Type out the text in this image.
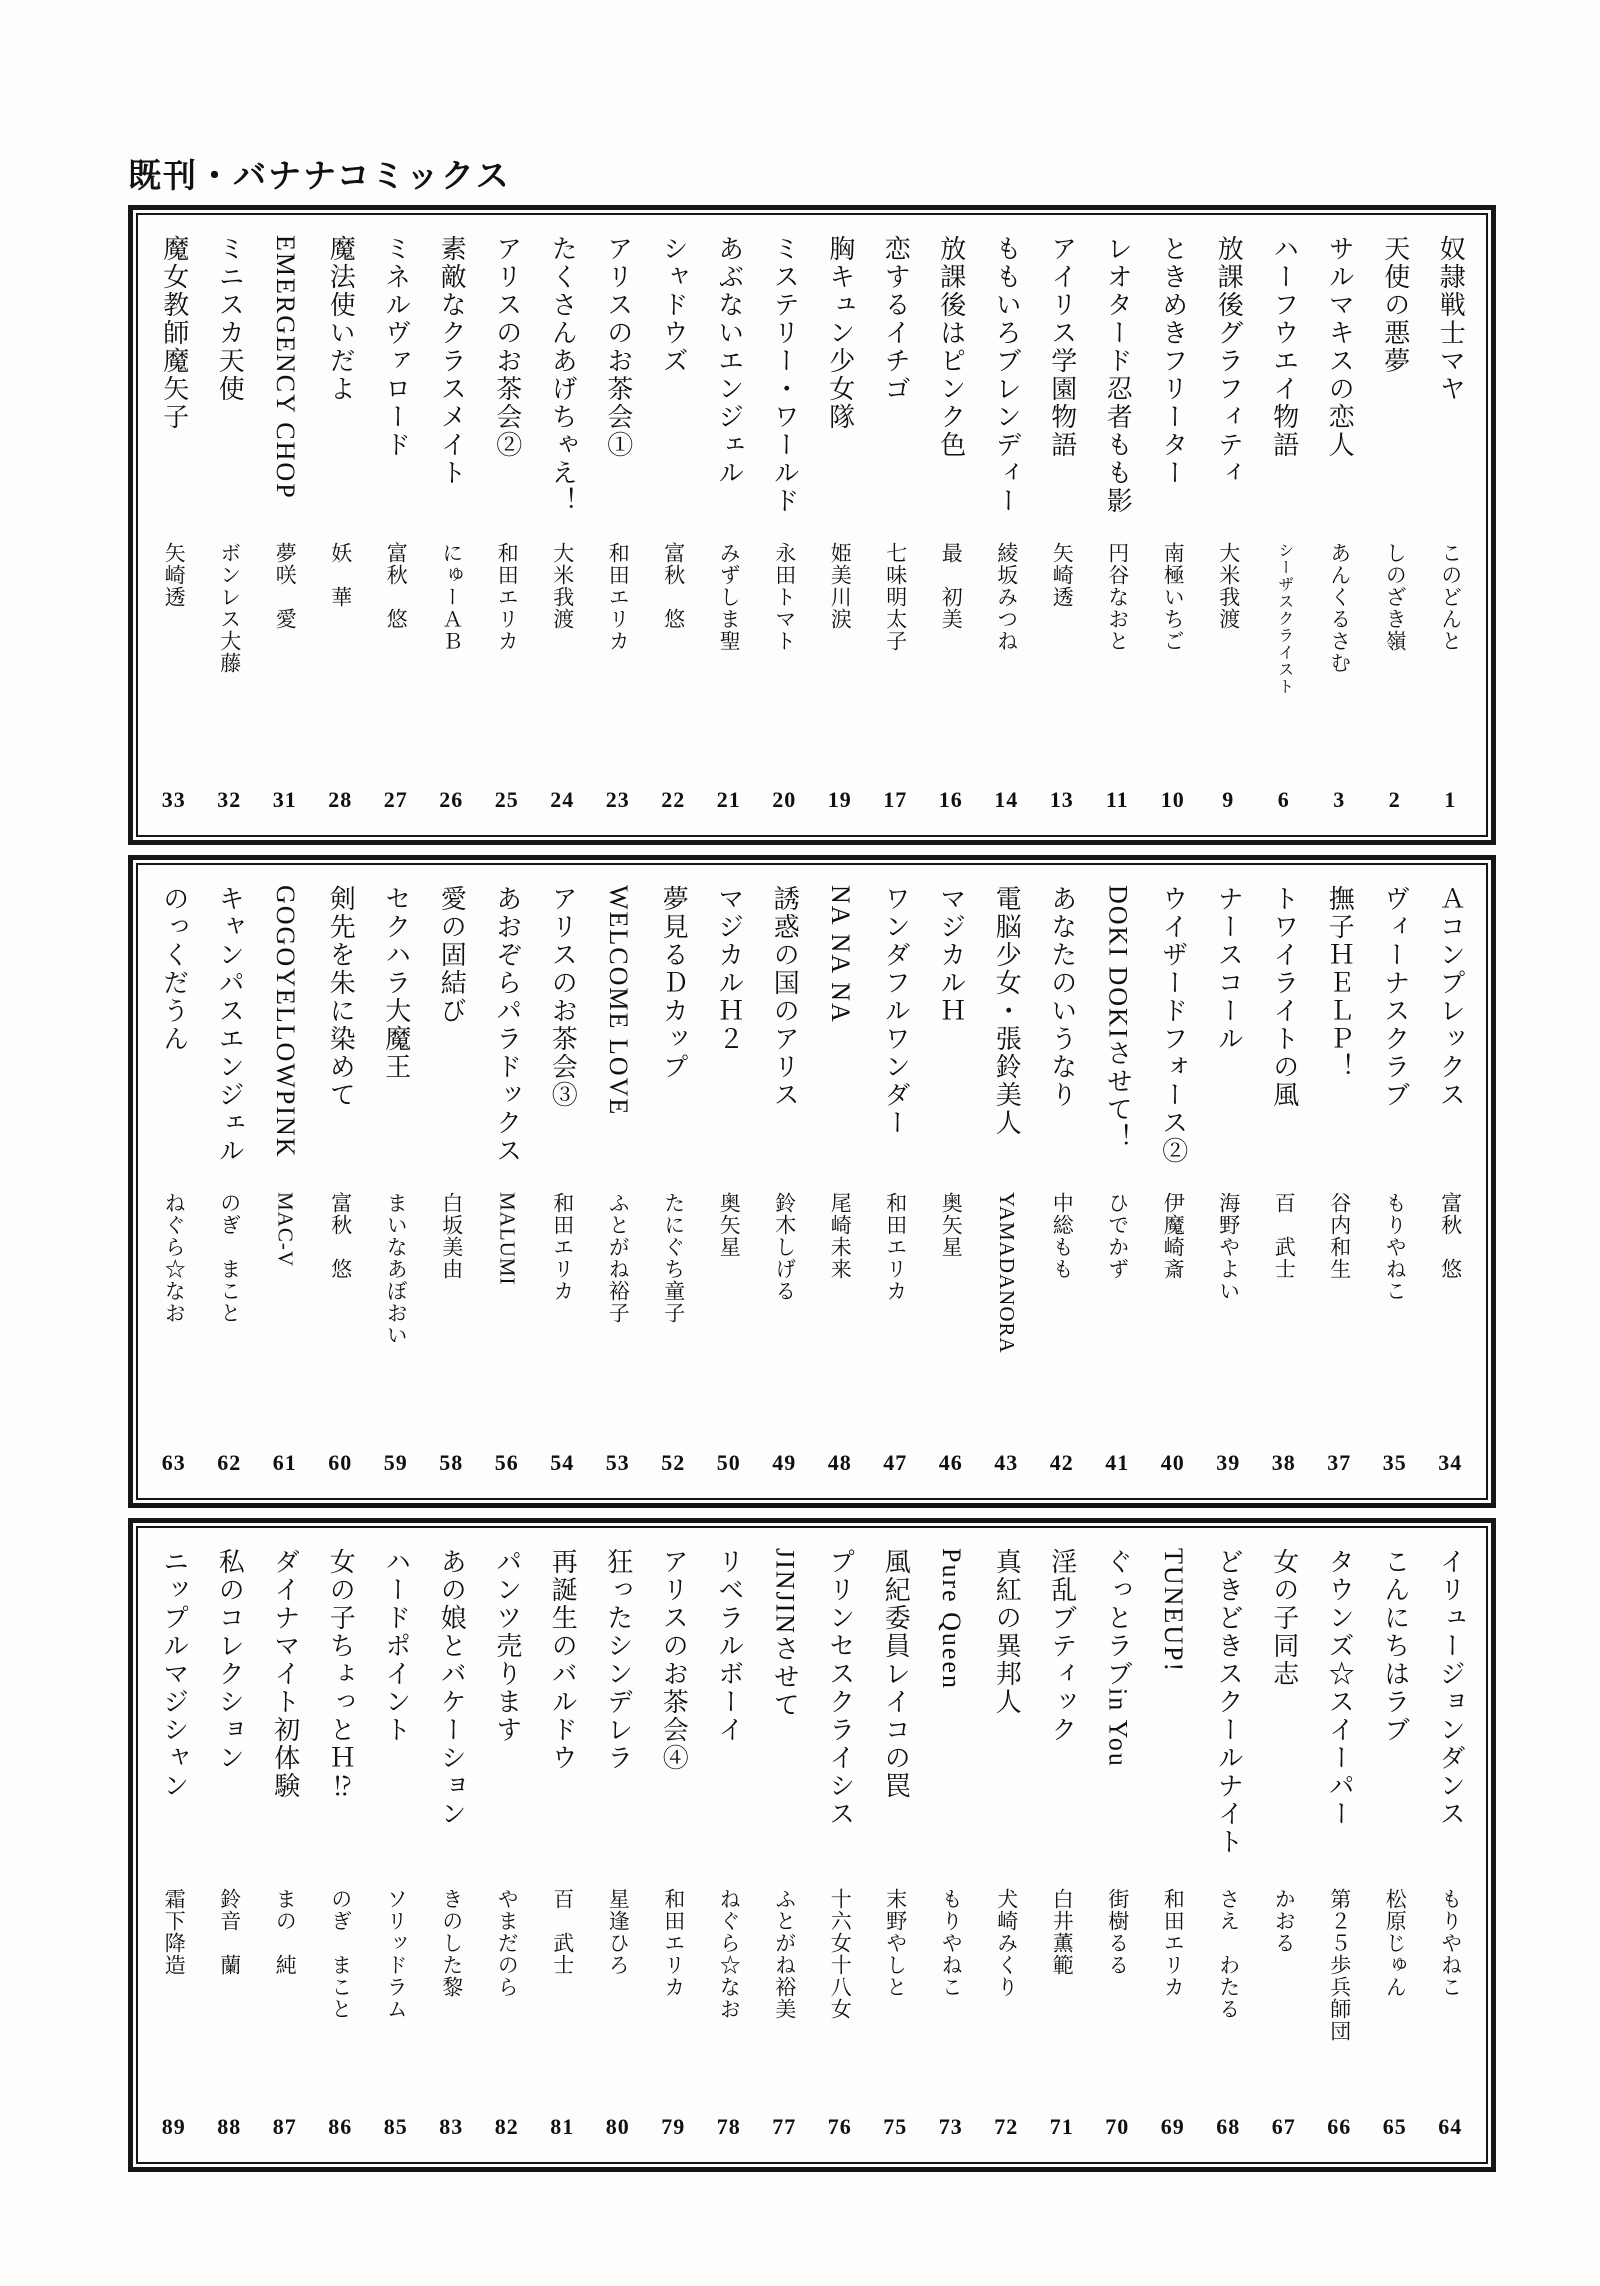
既刊・バナナコミックス
奴隷戦士マヤ
このどんと
1
天使の悪夢
しのざき嶺
2
サルマキスの恋人
あんくるさむ
3
ハーフウエイ物語
シーザスクライスト
6
放課後グラフィティ
大米我渡
9
ときめきフリーター
南極いちご
10
レオタード忍者もも影
円谷なおと
11
アイリス学園物語
矢崎透
13
ももいろブレンディー
綾坂みつね
14
放課後はピンク色
最　初美
16
恋するイチゴ
七味明太子
17
胸キュン少女隊
姫美川涙
19
ミステリー・ワールド
永田トマト
20
あぶないエンジェル
みずしま聖
21
シャドウズ
富秋　悠
22
アリスのお茶会①
和田エリカ
23
たくさんあげちゃえ！
大米我渡
24
アリスのお茶会②
和田エリカ
25
素敵なクラスメイト
にゅーＡＢ
26
ミネルヴァロード
富秋　悠
27
魔法使いだよ
妖　華
28
EMERGENCY CHOP
夢咲　愛
31
ミニスカ天使
ボンレス大藤
32
魔女教師魔矢子
矢崎透
33
Ａコンプレックス
富秋　悠
34
ヴィーナスクラブ
もりやねこ
35
撫子ＨＥＬＰ！
谷内和生
37
トワイライトの風
百　武士
38
ナースコール
海野やよい
39
ウイザードフォース②
伊魔崎斎
40
DOKI DOKIさせて！
ひでかず
41
あなたのいうなり
中総もも
42
電脳少女・張鈴美人
YAMADANORA
43
マジカルＨ
奥矢星
46
ワンダフルワンダー
和田エリカ
47
NA NA NA
尾崎未来
48
誘惑の国のアリス
鈴木しげる
49
マジカルＨ２
奥矢星
50
夢見るＤカップ
たにぐち童子
52
WELCOME LOVE
ふとがね裕子
53
アリスのお茶会③
和田エリカ
54
あおぞらパラドックス
MALUMI
56
愛の固結び
白坂美由
58
セクハラ大魔王
まいなあぼおい
59
剣先を朱に染めて
富秋　悠
60
GOGOYELLOWPINK
MAC-V
61
キャンパスエンジェル
のぎ　まこと
62
のっくだうん
ねぐら☆なお
63
イリュージョンダンス
もりやねこ
64
こんにちはラブ
松原じゅん
65
タウンズ☆スイーパー
第２５歩兵師団
66
女の子同志
かおる
67
どきどきスクールナイト
さえ　わたる
68
TUNEUP!
和田エリカ
69
ぐっとラブin You
街樹るる
70
淫乱ブティック
白井薫範
71
真紅の異邦人
犬崎みくり
72
Pure Queen
もりやねこ
73
風紀委員レイコの罠
末野やしと
75
プリンセスクライシス
十六女十八女
76
JINJINさせて
ふとがね裕美
77
リベラルボーイ
ねぐら☆なお
78
アリスのお茶会④
和田エリカ
79
狂ったシンデレラ
星逢ひろ
80
再誕生のバルドウ
百　武士
81
パンツ売ります
やまだのら
82
あの娘とバケーション
きのした黎
83
ハードポイント
ソリッドラム
85
女の子ちょっとＨ⁉
のぎ　まこと
86
ダイナマイト初体験
まの　純
87
私のコレクション
鈴音　蘭
88
ニップルマジシャン
霜下降造
89
